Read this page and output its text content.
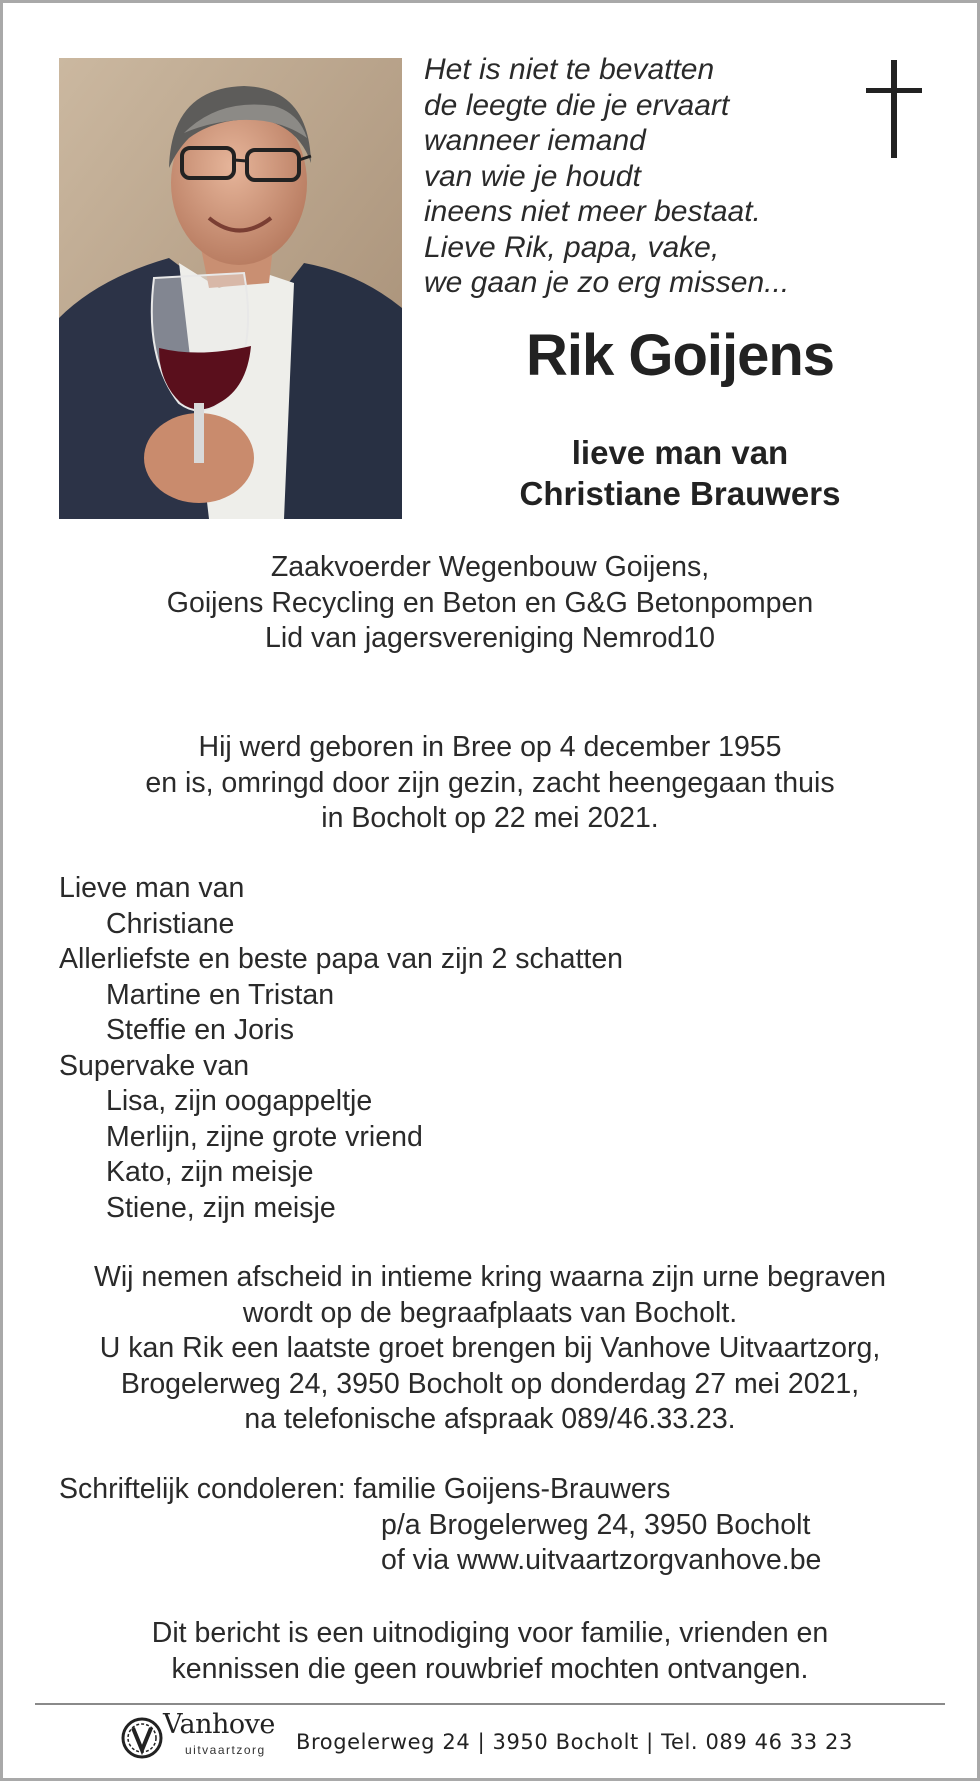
Het is niet te bevatten
de leegte die je ervaart
wanneer iemand
van wie je houdt
ineens niet meer bestaat.
Lieve Rik, papa, vake,
we gaan je zo erg missen...
Rik Goijens
lieve man van
Christiane Brauwers
Zaakvoerder Wegenbouw Goijens,
Goijens Recycling en Beton en G&G Betonpompen
Lid van jagersvereniging Nemrod10
Hij werd geboren in Bree op 4 december 1955
en is, omringd door zijn gezin, zacht heengegaan thuis
in Bocholt op 22 mei 2021.
Lieve man van
Christiane
Allerliefste en beste papa van zijn 2 schatten
Martine en Tristan
Steffie en Joris
Supervake van
Lisa, zijn oogappeltje
Merlijn, zijne grote vriend
Kato, zijn meisje
Stiene, zijn meisje
Wij nemen afscheid in intieme kring waarna zijn urne begraven
wordt op de begraafplaats van Bocholt.
U kan Rik een laatste groet brengen bij Vanhove Uitvaartzorg,
Brogelerweg 24, 3950 Bocholt op donderdag 27 mei 2021,
na telefonische afspraak 089/46.33.23.
Schriftelijk condoleren: familie Goijens-Brauwers
p/a Brogelerweg 24, 3950 Bocholt
of via www.uitvaartzorgvanhove.be
Dit bericht is een uitnodiging voor familie, vrienden en
kennissen die geen rouwbrief mochten ontvangen.
Vanhove
uitvaartzorg Brogelerweg 24 | 3950 Bocholt | Tel. 089 46 33 23
